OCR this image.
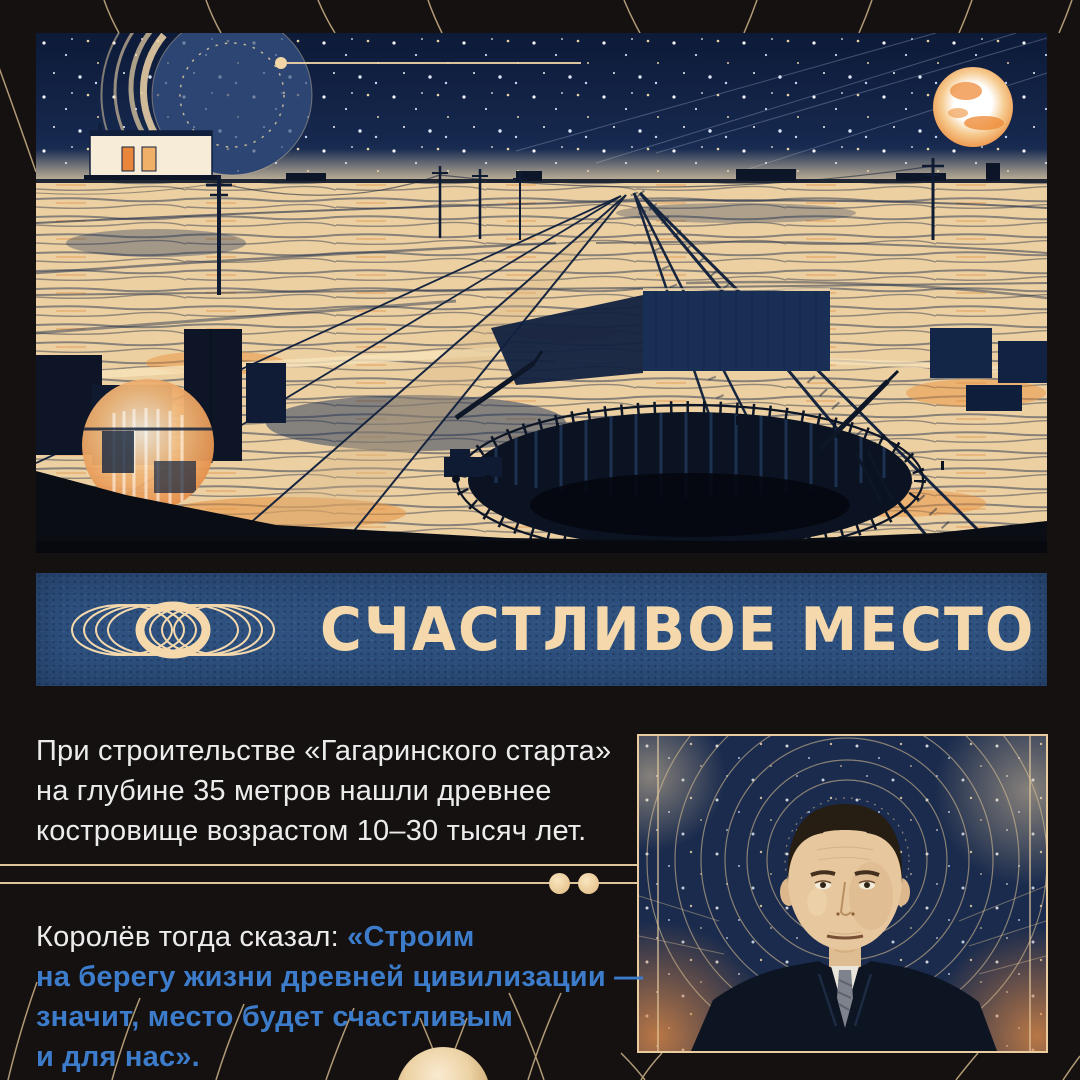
СЧАСТЛИВОЕ МЕСТО
При строительстве «Гагаринского старта»
на глубине 35 метров нашли древнее
костровище возрастом 10–30 тысяч лет.
Королёв тогда сказал: «Строим
на берегу жизни древней цивилизации —
значит, место будет счастливым
и для нас».
